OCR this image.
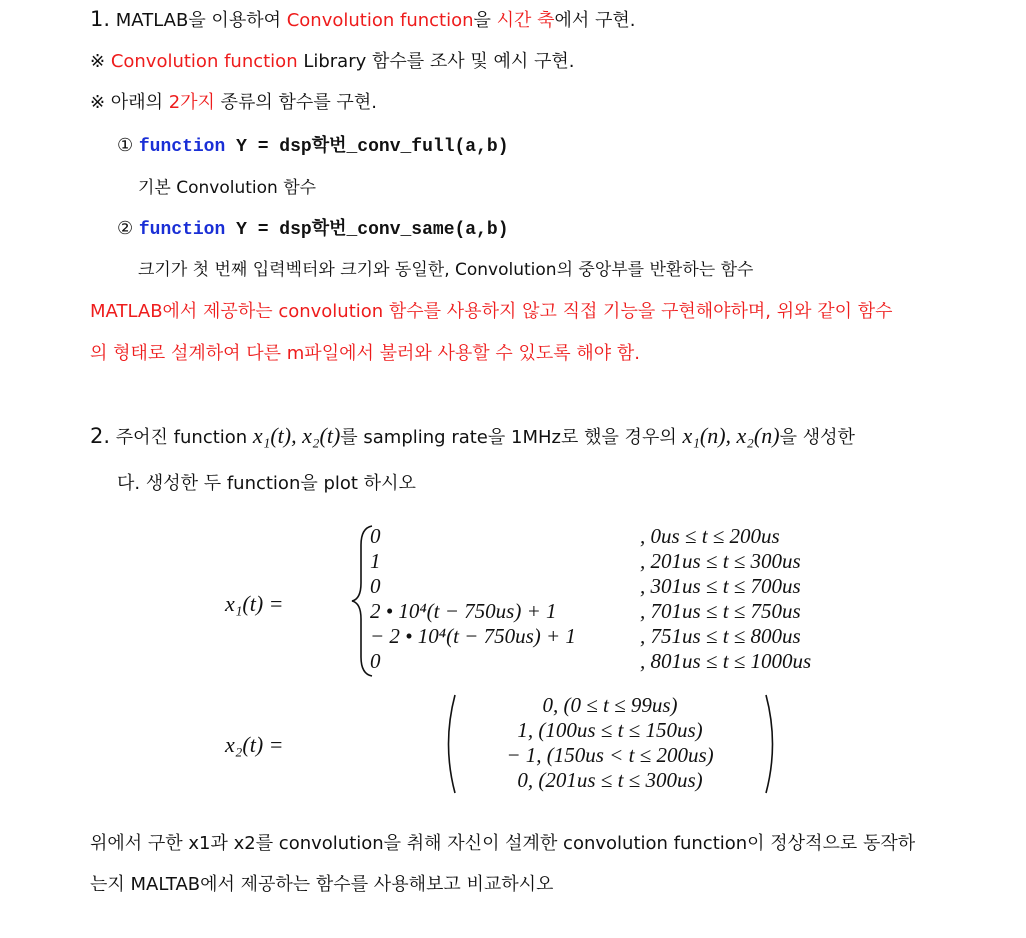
1. MATLAB을 이용하여 Convolution function을 시간 축에서 구현.
※ Convolution function Library 함수를 조사 및 예시 구현.
※ 아래의 2가지 종류의 함수를 구현.
① function Y = dsp학번_conv_full(a,b)
기본 Convolution 함수
② function Y = dsp학번_conv_same(a,b)
크기가 첫 번째 입력벡터와 크기와 동일한, Convolution의 중앙부를 반환하는 함수
MATLAB에서 제공하는 convolution 함수를 사용하지 않고 직접 기능을 구현해야하며, 위와 같이 함수
의 형태로 설계하여 다른 m파일에서 불러와 사용할 수 있도록 해야 함.
2. 주어진 function x₁(t), x₂(t)를 sampling rate을 1MHz로 했을 경우의 x₁(n), x₂(n)을 생성한
다. 생성한 두 function을 plot 하시오
x₁(t) =
0
1
0
2 • 10⁴(t − 750us) + 1
− 2 • 10⁴(t − 750us) + 1
0
, 0us ≤ t ≤ 200us
, 201us ≤ t ≤ 300us
, 301us ≤ t ≤ 700us
, 701us ≤ t ≤ 750us
, 751us ≤ t ≤ 800us
, 801us ≤ t ≤ 1000us
x₂(t) =
0, (0 ≤ t ≤ 99us)
1, (100us ≤ t ≤ 150us)
− 1, (150us < t ≤ 200us)
0, (201us ≤ t ≤ 300us)
위에서 구한 x1과 x2를 convolution을 취해 자신이 설계한 convolution function이 정상적으로 동작하
는지 MALTAB에서 제공하는 함수를 사용해보고 비교하시오
